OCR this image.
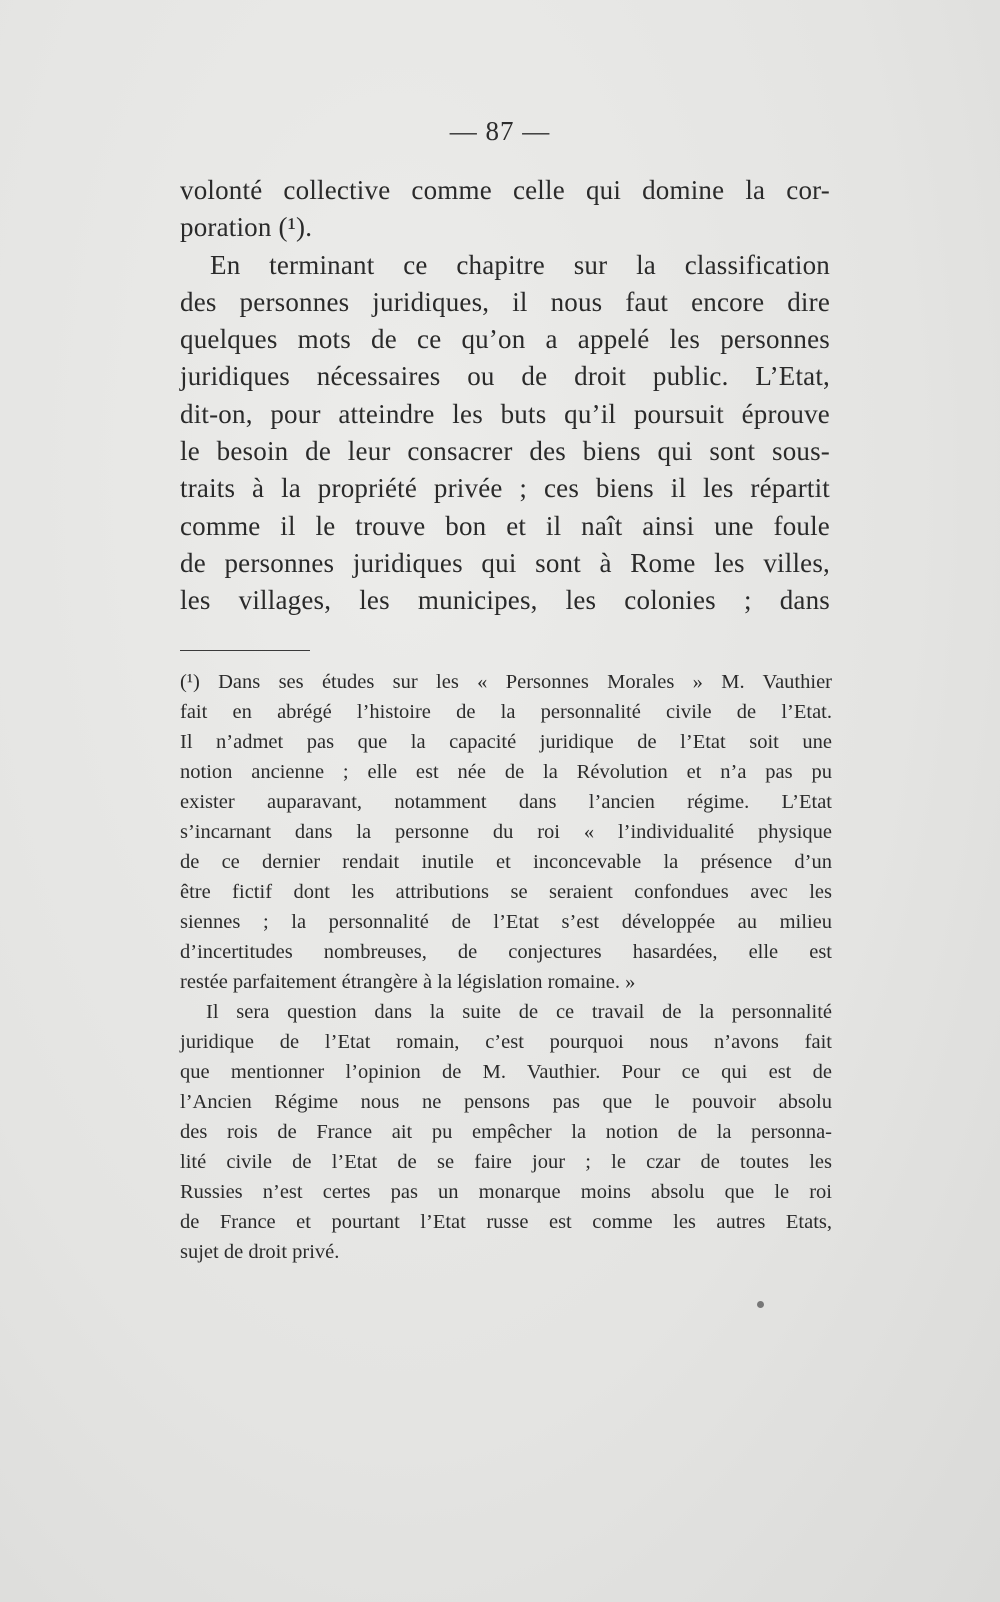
— 87 —
volonté collective comme celle qui domine la cor-
poration (¹).
En terminant ce chapitre sur la classification
des personnes juridiques, il nous faut encore dire
quelques mots de ce qu’on a appelé les personnes
juridiques nécessaires ou de droit public. L’Etat,
dit-on, pour atteindre les buts qu’il poursuit éprouve
le besoin de leur consacrer des biens qui sont sous-
traits à la propriété privée ; ces biens il les répartit
comme il le trouve bon et il naît ainsi une foule
de personnes juridiques qui sont à Rome les villes,
les villages, les municipes, les colonies ; dans
(¹) Dans ses études sur les « Personnes Morales » M. Vauthier
fait en abrégé l’histoire de la personnalité civile de l’Etat.
Il n’admet pas que la capacité juridique de l’Etat soit une
notion ancienne ; elle est née de la Révolution et n’a pas pu
exister auparavant, notamment dans l’ancien régime. L’Etat
s’incarnant dans la personne du roi « l’individualité physique
de ce dernier rendait inutile et inconcevable la présence d’un
être fictif dont les attributions se seraient confondues avec les
siennes ; la personnalité de l’Etat s’est développée au milieu
d’incertitudes nombreuses, de conjectures hasardées, elle est
restée parfaitement étrangère à la législation romaine. »
Il sera question dans la suite de ce travail de la personnalité
juridique de l’Etat romain, c’est pourquoi nous n’avons fait
que mentionner l’opinion de M. Vauthier. Pour ce qui est de
l’Ancien Régime nous ne pensons pas que le pouvoir absolu
des rois de France ait pu empêcher la notion de la personna-
lité civile de l’Etat de se faire jour ; le czar de toutes les
Russies n’est certes pas un monarque moins absolu que le roi
de France et pourtant l’Etat russe est comme les autres Etats,
sujet de droit privé.
